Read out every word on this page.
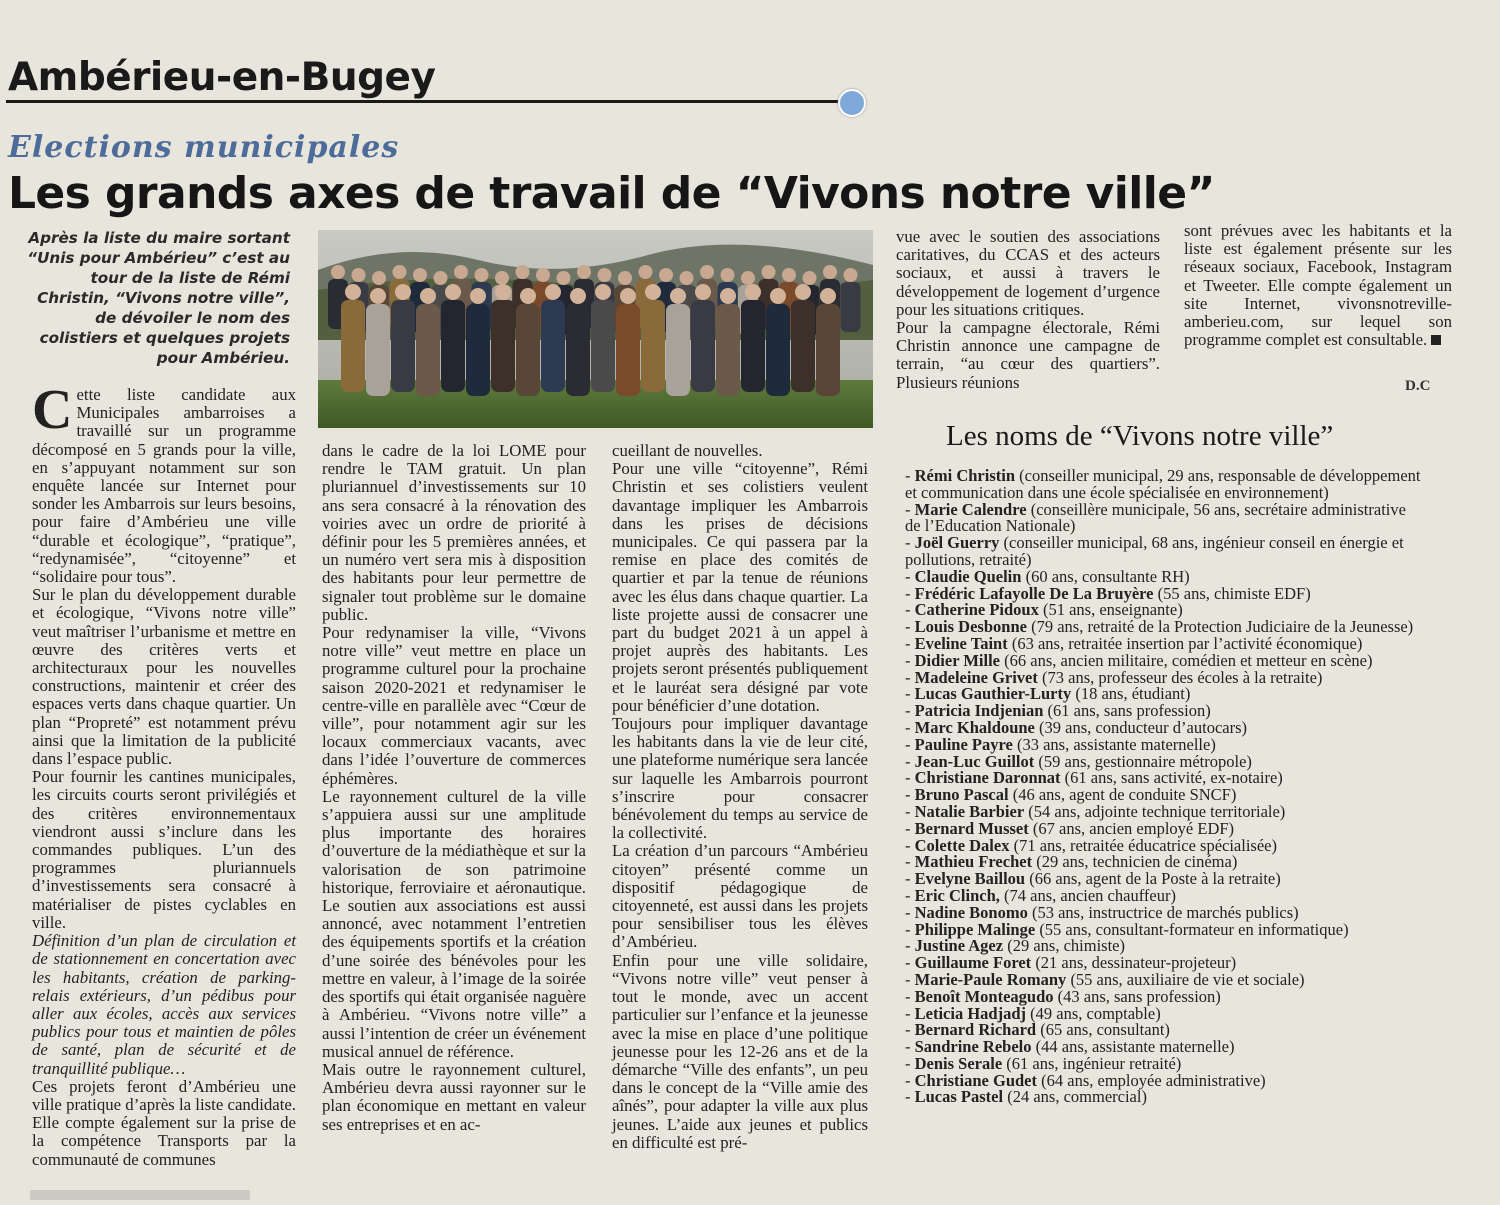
Ambérieu-en-Bugey
Elections municipales
Les grands axes de travail de “Vivons notre ville”
Après la liste du maire sortant “Unis pour Ambérieu” c’est au tour de la liste de Rémi Christin, “Vivons notre ville”, de dévoiler le nom des colistiers et quelques projets pour Ambérieu.
C ette liste candidate aux Municipales ambarroises a travaillé sur un programme décomposé en 5 grands pour la ville, en s’appuyant notamment sur son enquête lancée sur Internet pour sonder les Ambarrois sur leurs besoins, pour faire d’Ambérieu une ville “durable et écologique”, “pratique”, “redynamisée”, “citoyenne” et “solidaire pour tous”.

Sur le plan du développement durable et écologique, “Vivons notre ville” veut maîtriser l’urbanisme et mettre en œuvre des critères verts et architecturaux pour les nouvelles constructions, maintenir et créer des espaces verts dans chaque quartier. Un plan “Propreté” est notamment prévu ainsi que la limitation de la publicité dans l’espace public.

Pour fournir les cantines municipales, les circuits courts seront privilégiés et des critères environnementaux viendront aussi s’inclure dans les commandes publiques. L’un des programmes pluriannuels d’investissements sera consacré à matérialiser de pistes cyclables en ville.

Définition d’un plan de circulation et de stationnement en concertation avec les habitants, création de parking-relais extérieurs, d’un pédibus pour aller aux écoles, accès aux services publics pour tous et maintien de pôles de santé, plan de sécurité et de tranquillité publique…

Ces projets feront d’Ambérieu une ville pratique d’après la liste candidate. Elle compte également sur la prise de la compétence Transports par la communauté de communes

dans le cadre de la loi LOME pour rendre le TAM gratuit. Un plan pluriannuel d’investissements sur 10 ans sera consacré à la rénovation des voiries avec un ordre de priorité à définir pour les 5 premières années, et un numéro vert sera mis à disposition des habitants pour leur permettre de signaler tout problème sur le domaine public.

Pour redynamiser la ville, “Vivons notre ville” veut mettre en place un programme culturel pour la prochaine saison 2020-2021 et redynamiser le centre-ville en parallèle avec “Cœur de ville”, pour notamment agir sur les locaux commerciaux vacants, avec dans l’idée l’ouverture de commerces éphémères.

Le rayonnement culturel de la ville s’appuiera aussi sur une amplitude plus importante des horaires d’ouverture de la médiathèque et sur la valorisation de son patrimoine historique, ferroviaire et aéronautique. Le soutien aux associations est aussi annoncé, avec notamment l’entretien des équipements sportifs et la création d’une soirée des bénévoles pour les mettre en valeur, à l’image de la soirée des sportifs qui était organisée naguère à Ambérieu. “Vivons notre ville” a aussi l’intention de créer un événement musical annuel de référence.

Mais outre le rayonnement culturel, Ambérieu devra aussi rayonner sur le plan économique en mettant en valeur ses entreprises et en ac-

cueillant de nouvelles.

Pour une ville “citoyenne”, Rémi Christin et ses colistiers veulent davantage impliquer les Ambarrois dans les prises de décisions municipales. Ce qui passera par la remise en place des comités de quartier et par la tenue de réunions avec les élus dans chaque quartier. La liste projette aussi de consacrer une part du budget 2021 à un appel à projet auprès des habitants. Les projets seront présentés publiquement et le lauréat sera désigné par vote pour bénéficier d’une dotation.

Toujours pour impliquer davantage les habitants dans la vie de leur cité, une plateforme numérique sera lancée sur laquelle les Ambarrois pourront s’inscrire pour consacrer bénévolement du temps au service de la collectivité.

La création d’un parcours “Ambérieu citoyen” présenté comme un dispositif pédagogique de citoyenneté, est aussi dans les projets pour sensibiliser tous les élèves d’Ambérieu.

Enfin pour une ville solidaire, “Vivons notre ville” veut penser à tout le monde, avec un accent particulier sur l’enfance et la jeunesse avec la mise en place d’une politique jeunesse pour les 12-26 ans et de la démarche “Ville des enfants”, un peu dans le concept de la “Ville amie des aînés”, pour adapter la ville aux plus jeunes. L’aide aux jeunes et publics en difficulté est pré-

vue avec le soutien des associations caritatives, du CCAS et des acteurs sociaux, et aussi à travers le développement de logement d’urgence pour les situations critiques.

Pour la campagne électorale, Rémi Christin annonce une campagne de terrain, “au cœur des quartiers”. Plusieurs réunions

sont prévues avec les habitants et la liste est également présente sur les réseaux sociaux, Facebook, Instagram et Tweeter. Elle compte également un site Internet, vivonsnotreville-amberieu.com, sur lequel son programme complet est consultable.

D.C
Les noms de “Vivons notre ville”

- Rémi Christin (conseiller municipal, 29 ans, responsable de développement et communication dans une école spécialisée en environnement)

- Marie Calendre (conseillère municipale, 56 ans, secrétaire administrative de l’Education Nationale)

- Joël Guerry (conseiller municipal, 68 ans, ingénieur conseil en énergie et pollutions, retraité)

- Claudie Quelin (60 ans, consultante RH)

- Frédéric Lafayolle De La Bruyère (55 ans, chimiste EDF)

- Catherine Pidoux (51 ans, enseignante)

- Louis Desbonne (79 ans, retraité de la Protection Judiciaire de la Jeunesse)

- Eveline Taint (63 ans, retraitée insertion par l’activité économique)

- Didier Mille (66 ans, ancien militaire, comédien et metteur en scène)

- Madeleine Grivet (73 ans, professeur des écoles à la retraite)

- Lucas Gauthier-Lurty (18 ans, étudiant)

- Patricia Indjenian (61 ans, sans profession)

- Marc Khaldoune (39 ans, conducteur d’autocars)

- Pauline Payre (33 ans, assistante maternelle)

- Jean-Luc Guillot (59 ans, gestionnaire métropole)

- Christiane Daronnat (61 ans, sans activité, ex-notaire)

- Bruno Pascal (46 ans, agent de conduite SNCF)

- Natalie Barbier (54 ans, adjointe technique territoriale)

- Bernard Musset (67 ans, ancien employé EDF)

- Colette Dalex (71 ans, retraitée éducatrice spécialisée)

- Mathieu Frechet (29 ans, technicien de cinéma)

- Evelyne Baillou (66 ans, agent de la Poste à la retraite)

- Eric Clinch, (74 ans, ancien chauffeur)

- Nadine Bonomo (53 ans, instructrice de marchés publics)

- Philippe Malinge (55 ans, consultant-formateur en informatique)

- Justine Agez (29 ans, chimiste)

- Guillaume Foret (21 ans, dessinateur-projeteur)

- Marie-Paule Romany (55 ans, auxiliaire de vie et sociale)

- Benoît Monteagudo (43 ans, sans profession)

- Leticia Hadjadj (49 ans, comptable)

- Bernard Richard (65 ans, consultant)

- Sandrine Rebelo (44 ans, assistante maternelle)

- Denis Serale (61 ans, ingénieur retraité)

- Christiane Gudet (64 ans, employée administrative)

- Lucas Pastel (24 ans, commercial)
